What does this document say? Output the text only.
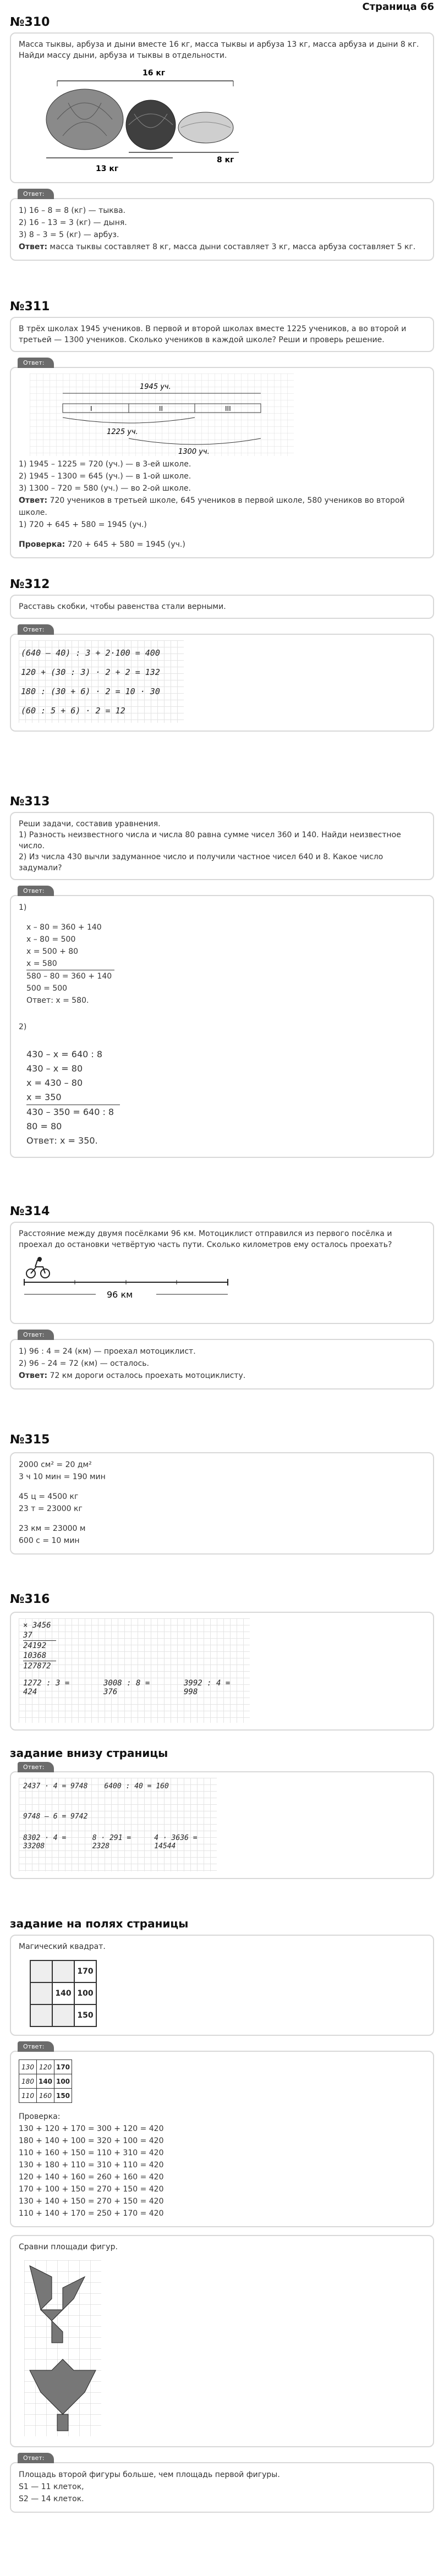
Страница 66
№310
Масса тыквы, арбуза и дыни вместе 16 кг, масса тыквы и арбуза 13 кг, масса арбуза и дыни 8 кг. Найди массу дыни, арбуза и тыквы в отдельности.
16 кг
8 кг
13 кг
Ответ:
1) 16 – 8 = 8 (кг) — тыква.
2) 16 – 13 = 3 (кг) — дыня.
3) 8 – 3 = 5 (кг) — арбуз.
Ответ: масса тыквы составляет 8 кг, масса дыни составляет 3 кг, масса арбуза составляет 5 кг.
№311
В трёх школах 1945 учеников. В первой и второй школах вместе 1225 учеников, а во второй и третьей — 1300 учеников. Сколько учеников в каждой школе? Реши и проверь решение.
Ответ:
1945 уч.
I	II	III
1225 уч.
1300 уч.
1) 1945 – 1225 = 720 (уч.) — в 3-ей школе.
2) 1945 – 1300 = 645 (уч.) — в 1-ой школе.
3) 1300 – 720 = 580 (уч.) — во 2-ой школе.
Ответ: 720 учеников в третьей школе, 645 учеников в первой школе, 580 учеников во второй школе.
1) 720 + 645 + 580 = 1945 (уч.)
Проверка: 720 + 645 + 580 = 1945 (уч.)
№312
Расставь скобки, чтобы равенства стали верными.
Ответ:
(640 – 40) : 3 + 2·100 = 400
120 + (30 : 3) · 2 + 2 = 132
180 : (30 + 6) · 2 = 10 · 30
(60 : 5 + 6) · 2 = 12
№313
Реши задачи, составив уравнения.
1) Разность неизвестного числа и числа 80 равна сумме чисел 360 и 140. Найди неизвестное число.
2) Из числа 430 вычли задуманное число и получили частное чисел 640 и 8. Какое число задумали?
Ответ:
1)
x – 80 = 360 + 140
x – 80 = 500
x = 500 + 80
x = 580
580 – 80 = 360 + 140
500 = 500
Ответ: x = 580.
2)
430 – x = 640 : 8
430 – x = 80
x = 430 – 80
x = 350
430 – 350 = 640 : 8
80 = 80
Ответ: x = 350.
№314
Расстояние между двумя посёлками 96 км. Мотоциклист отправился из первого посёлка и проехал до остановки четвёртую часть пути. Сколько километров ему осталось проехать?
96 км
Ответ:
1) 96 : 4 = 24 (км) — проехал мотоциклист.
2) 96 – 24 = 72 (км) — осталось.
Ответ: 72 км дороги осталось проехать мотоциклисту.
№315
2000 см² = 20 дм²
3 ч 10 мин = 190 мин
45 ц = 4500 кг
23 т = 23000 кг
23 км = 23000 м
600 с = 10 мин
№316
× 3456
37
24192
10368
127872
1272 : 3 = 424
3008 : 8 = 376
3992 : 4 = 998
задание внизу страницы
Ответ:
2437 · 4 = 9748 6400 : 40 = 160
9748 – 6 = 9742
8302 · 4 = 33208
8 · 291 = 2328
4 · 3636 = 14544
задание на полях страницы
Магический квадрат.
		170
	140	100
		150
Ответ:
130	120	170
180	140	100
110	160	150
Проверка:
130 + 120 + 170 = 300 + 120 = 420
180 + 140 + 100 = 320 + 100 = 420
110 + 160 + 150 = 110 + 310 = 420
130 + 180 + 110 = 310 + 110 = 420
120 + 140 + 160 = 260 + 160 = 420
170 + 100 + 150 = 270 + 150 = 420
130 + 140 + 150 = 270 + 150 = 420
110 + 140 + 170 = 250 + 170 = 420
Сравни площади фигур.
Ответ:
Площадь второй фигуры больше, чем площадь первой фигуры.
S1 — 11 клеток,
S2 — 14 клеток.
